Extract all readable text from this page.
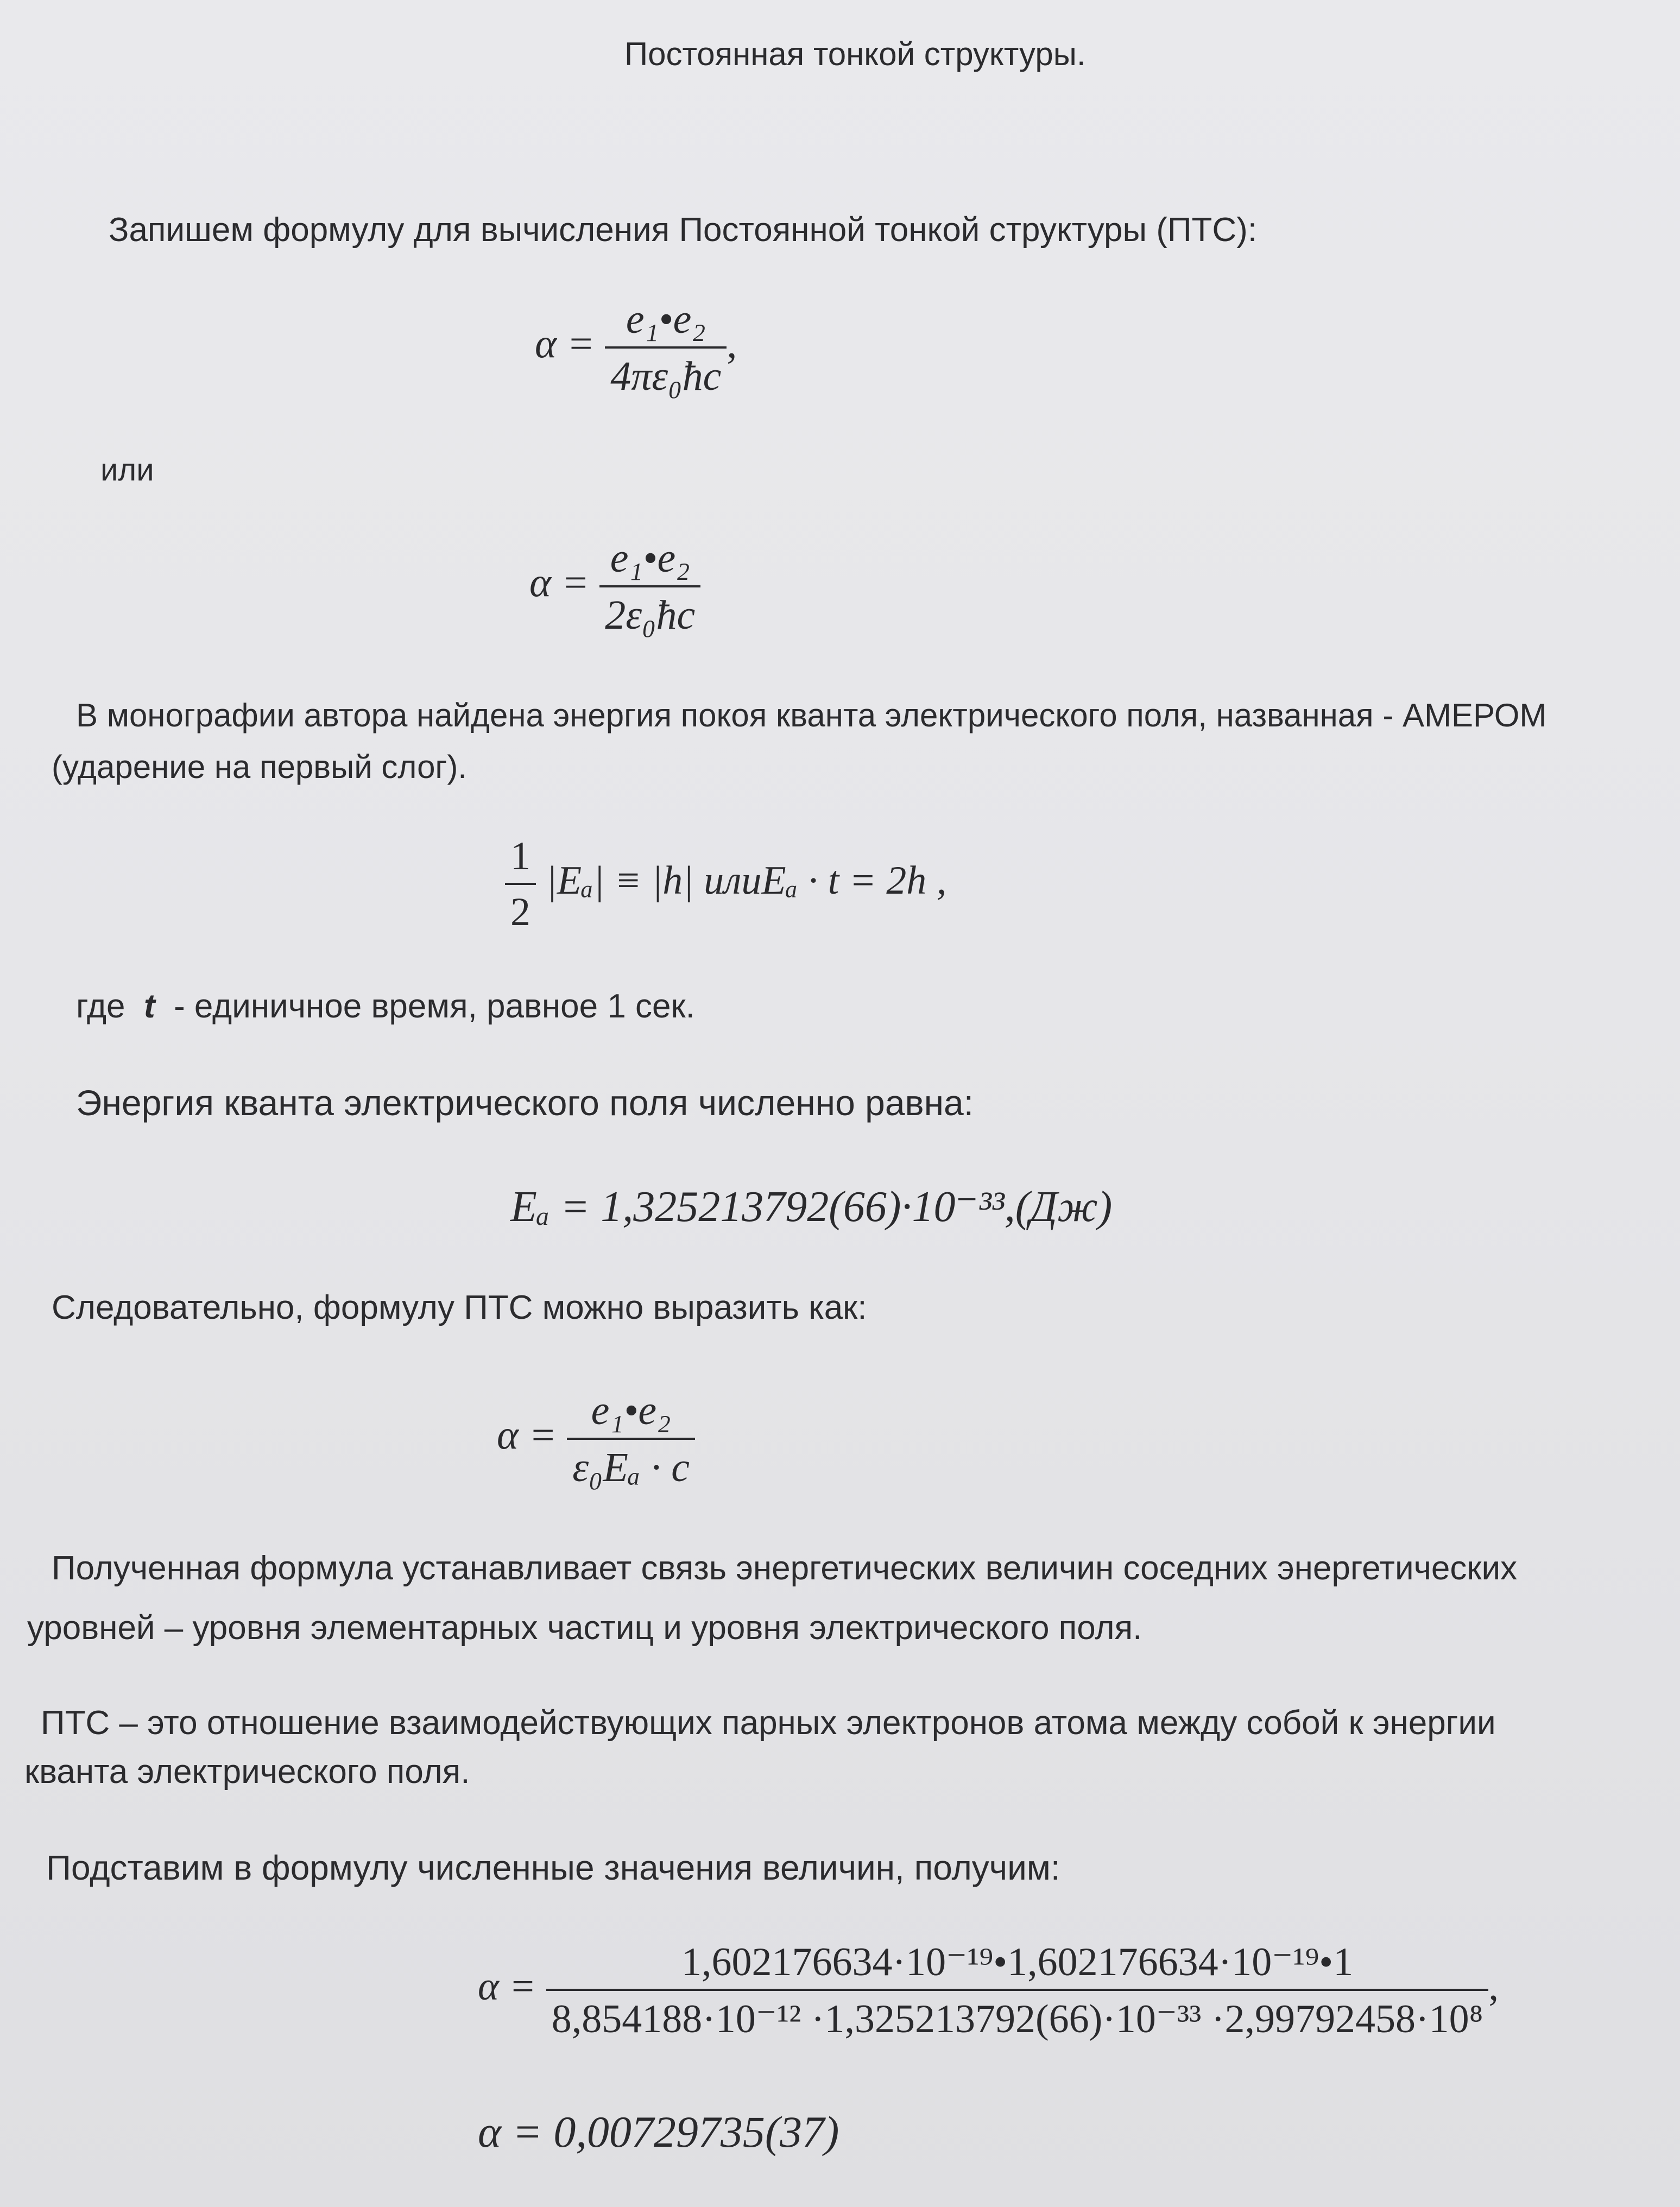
Постоянная тонкой структуры.
Запишем формулу для вычисления Постоянной тонкой структуры (ПТС):
$\alpha = \frac{\text{e₁•e₂}}{\text{4πε₀ħc}}$ ,
или
$\alpha = \frac{\text{e₁•e₂}}{\text{2ε₀ħc}}$
В монографии автора найдена энергия покоя кванта электрического поля, названная - АМЕРОМ
(ударение на первый слог).
$\frac{1}{2} |E_a| \equiv |h|$ илиEₐ · t = 2h ,
где t - единичное время, равное 1 сек.
Энергия кванта электрического поля численно равна:
Eₐ = 1,325213792(66)·10⁻³³,(Дж)
Следовательно, формулу ПТС можно выразить как:
$\alpha = \frac{\text{e₁•e₂}}{\text{ε₀Eₐ · c}}$
Полученная формула устанавливает связь энергетических величин соседних энергетических
уровней – уровня элементарных частиц и уровня электрического поля.
ПТС – это отношение взаимодействующих парных электронов атома между собой к энергии
кванта электрического поля.
Подставим в формулу численные значения величин, получим:
$\alpha = \frac{\text{1,602176634·10⁻¹⁹•1,602176634·10⁻¹⁹•1}}{\text{8,854188·10⁻¹² ·1,325213792(66)·10⁻³³ ·2,99792458·10⁸}}$ ,
α = 0,00729735(37)
